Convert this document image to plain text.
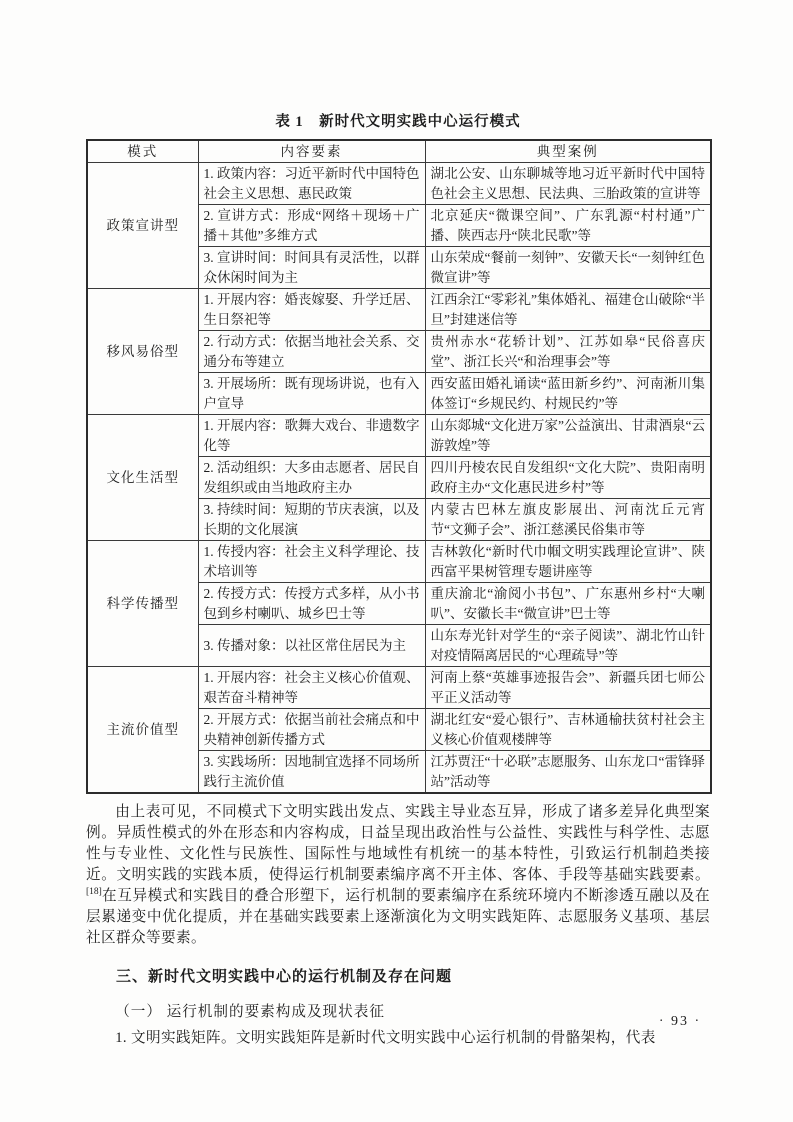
表 1　新时代文明实践中心运行模式
模式	内容要素	典型案例
政策宣讲型	1. 政策内容：习近平新时代中国特色社会主义思想、惠民政策	湖北公安、山东聊城等地习近平新时代中国特色社会主义思想、民法典、三胎政策的宣讲等
	2. 宣讲方式：形成“网络＋现场＋广播＋其他”多维方式	北京延庆“微课空间”、广东乳源“村村通”广播、陕西志丹“陕北民歌”等
	3. 宣讲时间：时间具有灵活性，以群众休闲时间为主	山东荣成“餐前一刻钟”、安徽天长“一刻钟红色微宣讲”等
移风易俗型	1. 开展内容：婚丧嫁娶、升学迁居、生日祭祀等	江西余江“零彩礼”集体婚礼、福建仓山破除“半旦”封建迷信等
	2. 行动方式：依据当地社会关系、交通分布等建立	贵州赤水“花轿计划”、江苏如皋“民俗喜庆堂”、浙江长兴“和治理事会”等
	3. 开展场所：既有现场讲说，也有入户宣导	西安蓝田婚礼诵读“蓝田新乡约”、河南淅川集体签订“乡规民约、村规民约”等
文化生活型	1. 开展内容：歌舞大戏台、非遗数字化等	山东郯城“文化进万家”公益演出、甘肃酒泉“云游敦煌”等
	2. 活动组织：大多由志愿者、居民自发组织或由当地政府主办	四川丹棱农民自发组织“文化大院”、贵阳南明政府主办“文化惠民进乡村”等
	3. 持续时间：短期的节庆表演，以及长期的文化展演	内蒙古巴林左旗皮影展出、河南沈丘元宵节“文狮子会”、浙江慈溪民俗集市等
科学传播型	1. 传授内容：社会主义科学理论、技术培训等	吉林敦化“新时代巾帼文明实践理论宣讲”、陕西富平果树管理专题讲座等
	2. 传授方式：传授方式多样，从小书包到乡村喇叭、城乡巴士等	重庆渝北“渝阅小书包”、广东惠州乡村“大喇叭”、安徽长丰“微宣讲”巴士等
	3. 传播对象：以社区常住居民为主	山东寿光针对学生的“亲子阅读”、湖北竹山针对疫情隔离居民的“心理疏导”等
主流价值型	1. 开展内容：社会主义核心价值观、艰苦奋斗精神等	河南上蔡“英雄事迹报告会”、新疆兵团七师公平正义活动等
	2. 开展方式：依据当前社会痛点和中央精神创新传播方式	湖北红安“爱心银行”、吉林通榆扶贫村社会主义核心价值观楼牌等
	3. 实践场所：因地制宜选择不同场所践行主流价值	江苏贾汪“十必联”志愿服务、山东龙口“雷锋驿站”活动等

由上表可见，不同模式下文明实践出发点、实践主导业态互异，形成了诸多差异化典型案例。异质性模式的外在形态和内容构成，日益呈现出政治性与公益性、实践性与科学性、志愿性与专业性、文化性与民族性、国际性与地域性有机统一的基本特性，引致运行机制趋类接近。文明实践的实践本质，使得运行机制要素编序离不开主体、客体、手段等基础实践要素。[18]在互异模式和实践目的叠合形塑下，运行机制的要素编序在系统环境内不断渗透互融以及在层累递变中优化提质，并在基础实践要素上逐渐演化为文明实践矩阵、志愿服务义基项、基层社区群众等要素。

三、新时代文明实践中心的运行机制及存在问题
（一） 运行机制的要素构成及现状表征
1. 文明实践矩阵。文明实践矩阵是新时代文明实践中心运行机制的骨骼架构，代表
· 93 ·
